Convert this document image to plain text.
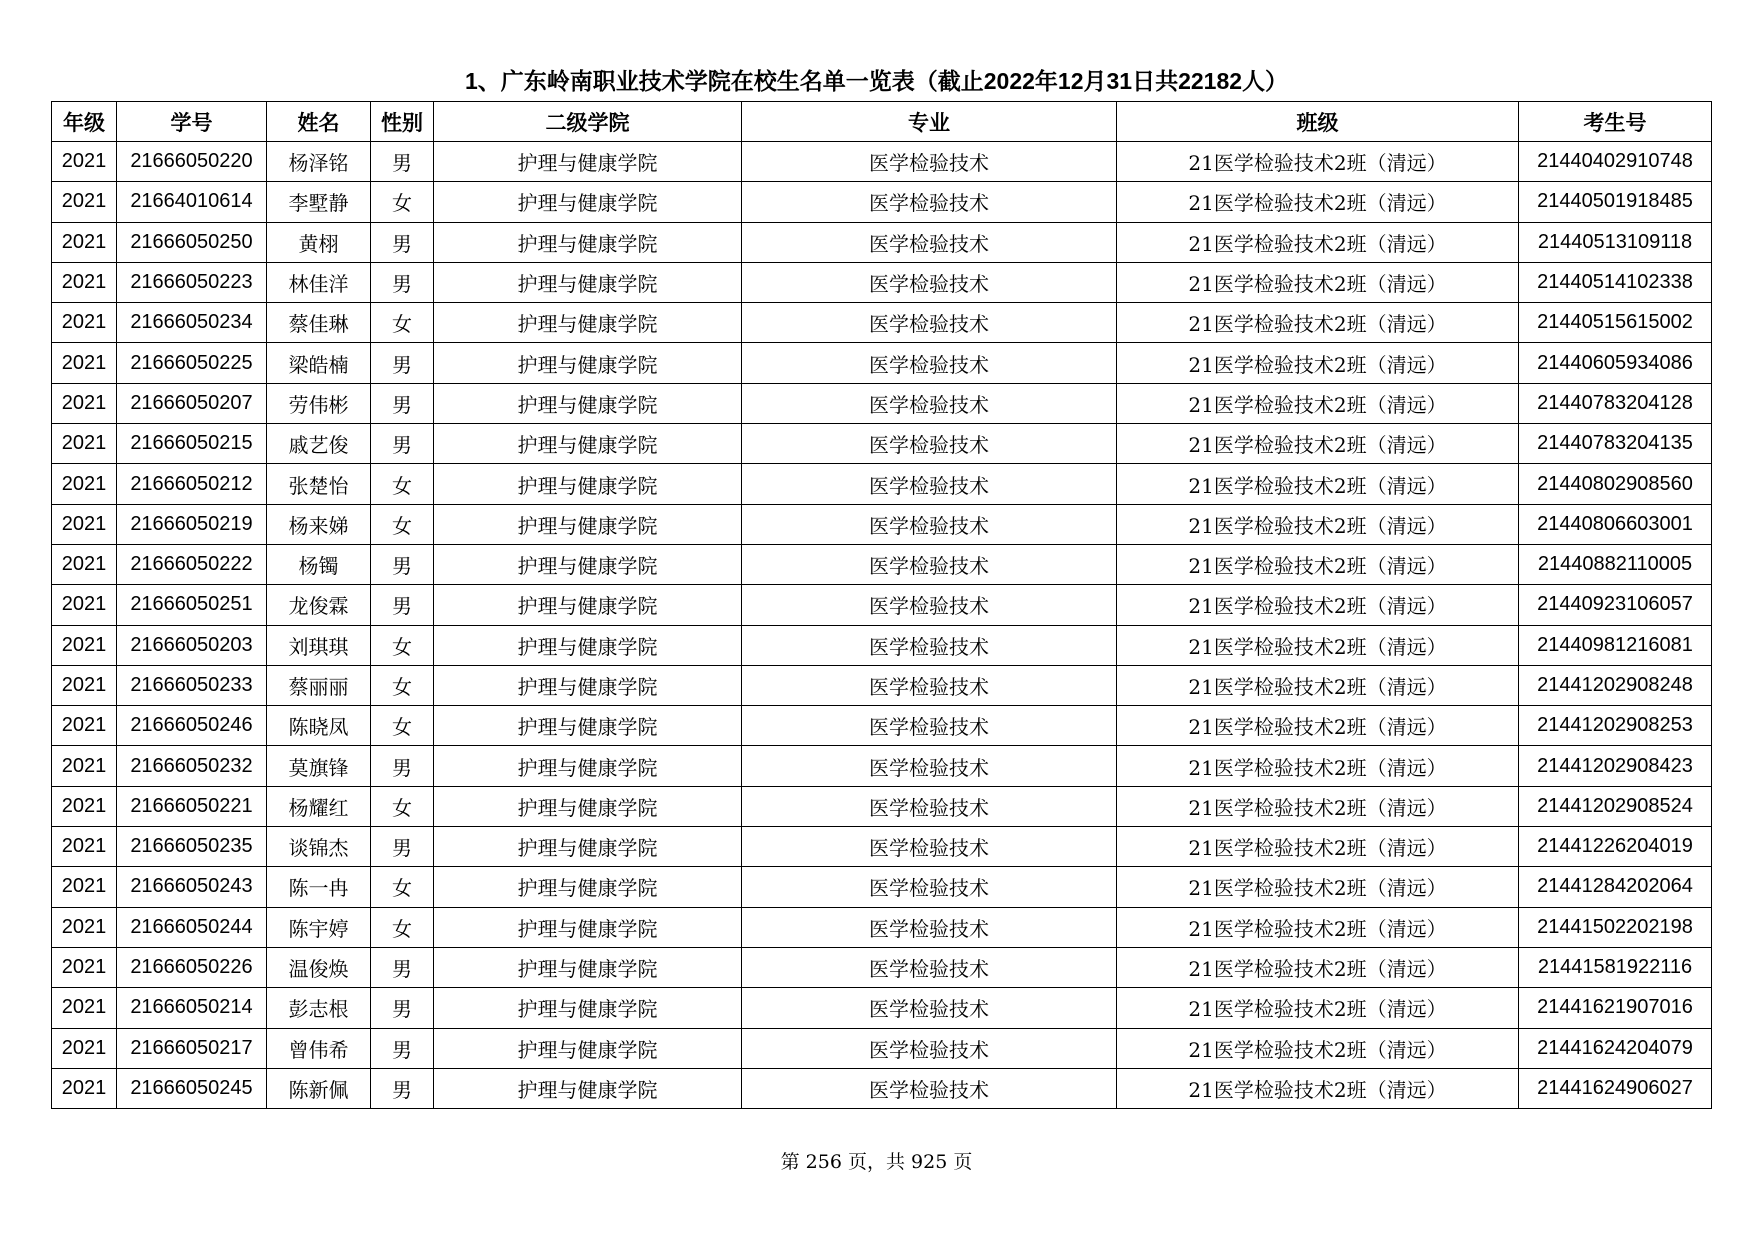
1、广东岭南职业技术学院在校生名单一览表（截止2022年12月31日共22182人）
年级	学号	姓名	性别	二级学院	专业	班级	考生号
2021	21666050220	杨泽铭	男	护理与健康学院	医学检验技术	21医学检验技术2班（清远）	21440402910748
2021	21664010614	李墅静	女	护理与健康学院	医学检验技术	21医学检验技术2班（清远）	21440501918485
2021	21666050250	黄栩	男	护理与健康学院	医学检验技术	21医学检验技术2班（清远）	21440513109118
2021	21666050223	林佳洋	男	护理与健康学院	医学检验技术	21医学检验技术2班（清远）	21440514102338
2021	21666050234	蔡佳琳	女	护理与健康学院	医学检验技术	21医学检验技术2班（清远）	21440515615002
2021	21666050225	梁皓楠	男	护理与健康学院	医学检验技术	21医学检验技术2班（清远）	21440605934086
2021	21666050207	劳伟彬	男	护理与健康学院	医学检验技术	21医学检验技术2班（清远）	21440783204128
2021	21666050215	戚艺俊	男	护理与健康学院	医学检验技术	21医学检验技术2班（清远）	21440783204135
2021	21666050212	张楚怡	女	护理与健康学院	医学检验技术	21医学检验技术2班（清远）	21440802908560
2021	21666050219	杨来娣	女	护理与健康学院	医学检验技术	21医学检验技术2班（清远）	21440806603001
2021	21666050222	杨镯	男	护理与健康学院	医学检验技术	21医学检验技术2班（清远）	21440882110005
2021	21666050251	龙俊霖	男	护理与健康学院	医学检验技术	21医学检验技术2班（清远）	21440923106057
2021	21666050203	刘琪琪	女	护理与健康学院	医学检验技术	21医学检验技术2班（清远）	21440981216081
2021	21666050233	蔡丽丽	女	护理与健康学院	医学检验技术	21医学检验技术2班（清远）	21441202908248
2021	21666050246	陈晓凤	女	护理与健康学院	医学检验技术	21医学检验技术2班（清远）	21441202908253
2021	21666050232	莫旗锋	男	护理与健康学院	医学检验技术	21医学检验技术2班（清远）	21441202908423
2021	21666050221	杨耀红	女	护理与健康学院	医学检验技术	21医学检验技术2班（清远）	21441202908524
2021	21666050235	谈锦杰	男	护理与健康学院	医学检验技术	21医学检验技术2班（清远）	21441226204019
2021	21666050243	陈一冉	女	护理与健康学院	医学检验技术	21医学检验技术2班（清远）	21441284202064
2021	21666050244	陈宇婷	女	护理与健康学院	医学检验技术	21医学检验技术2班（清远）	21441502202198
2021	21666050226	温俊焕	男	护理与健康学院	医学检验技术	21医学检验技术2班（清远）	21441581922116
2021	21666050214	彭志根	男	护理与健康学院	医学检验技术	21医学检验技术2班（清远）	21441621907016
2021	21666050217	曾伟希	男	护理与健康学院	医学检验技术	21医学检验技术2班（清远）	21441624204079
2021	21666050245	陈新佩	男	护理与健康学院	医学检验技术	21医学检验技术2班（清远）	21441624906027
第 256 页，共 925 页
